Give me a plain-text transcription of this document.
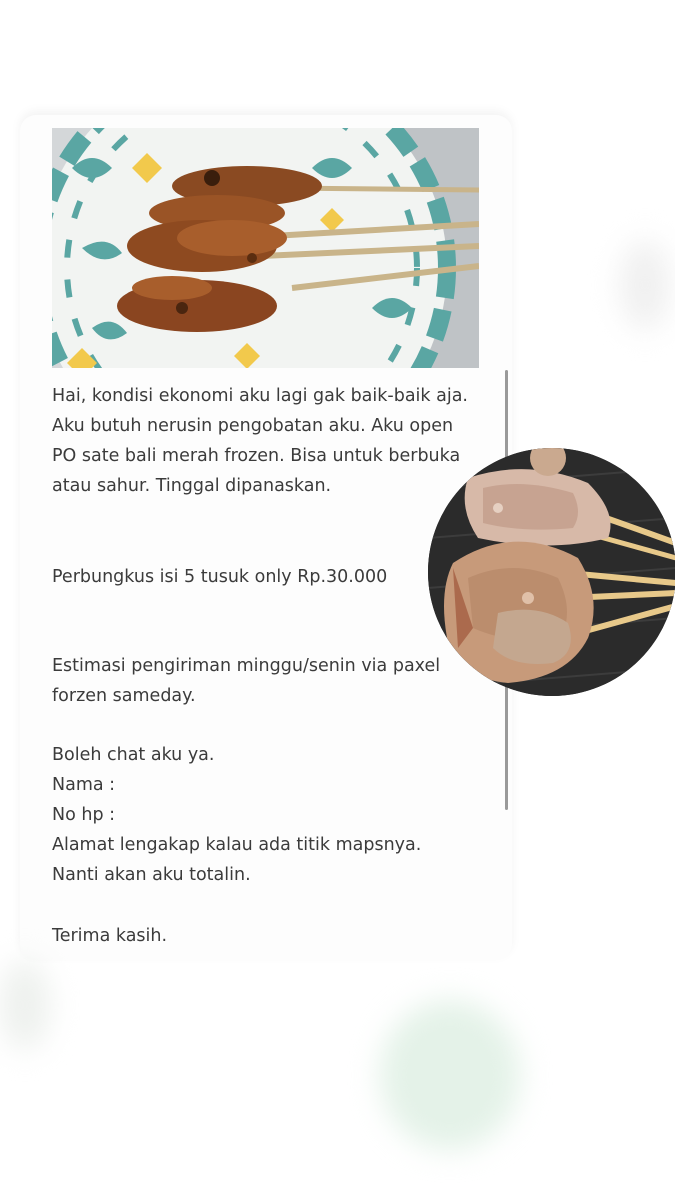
Hai, kondisi ekonomi aku lagi gak baik-baik aja. Aku butuh nerusin pengobatan aku. Aku open PO sate bali merah frozen. Bisa untuk berbuka atau sahur. Tinggal dipanaskan.

Perbungkus isi 5 tusuk only Rp.30.000

Estimasi pengiriman minggu/senin via paxel forzen sameday.

Boleh chat aku ya.
Nama :
No hp :
Alamat lengakap kalau ada titik mapsnya.
Nanti akan aku totalin.

Terima kasih.
